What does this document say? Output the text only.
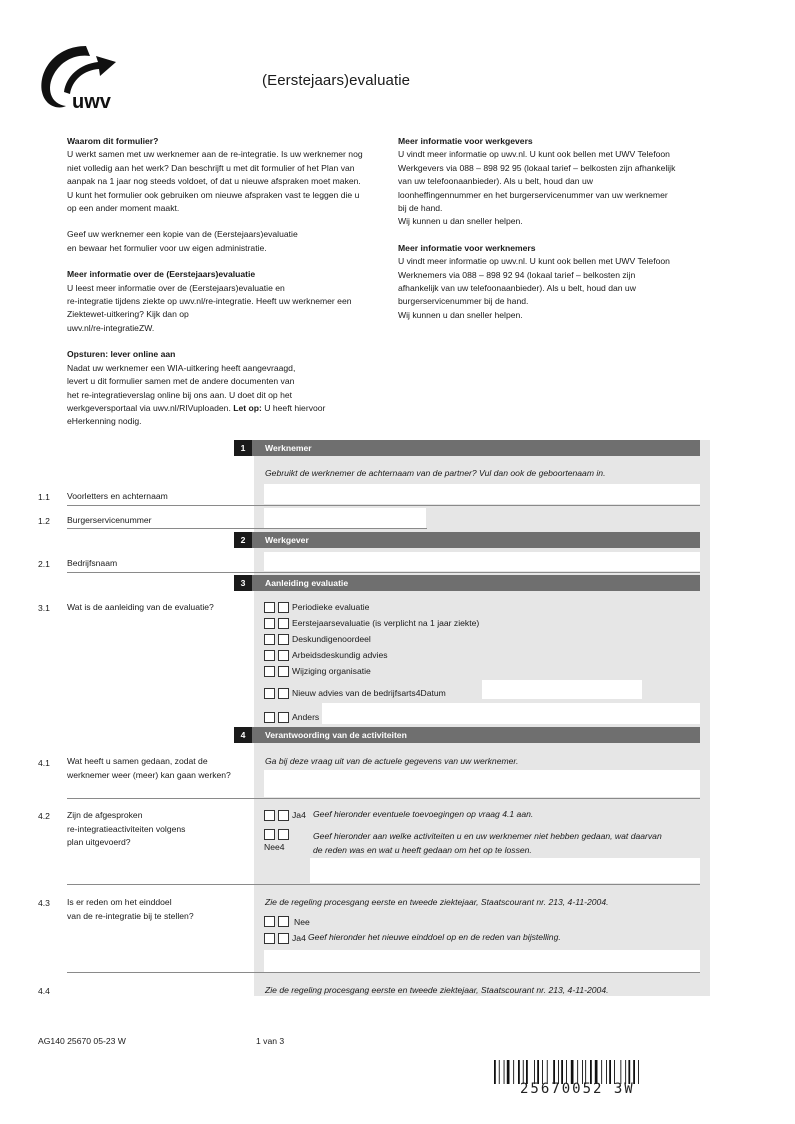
uwv
(Eerstejaars)evaluatie

Waarom dit formulier?
U werkt samen met uw werknemer aan de re-integratie. Is uw werknemer nog
niet volledig aan het werk? Dan beschrijft u met dit formulier of het Plan van
aanpak na 1 jaar nog steeds voldoet, of dat u nieuwe afspraken moet maken.
U kunt het formulier ook gebruiken om nieuwe afspraken vast te leggen die u
op een ander moment maakt.

Geef uw werknemer een kopie van de (Eerstejaars)evaluatie
en bewaar het formulier voor uw eigen administratie.

Meer informatie over de (Eerstejaars)evaluatie
U leest meer informatie over de (Eerstejaars)evaluatie en
re-integratie tijdens ziekte op uwv.nl/re-integratie. Heeft uw werknemer een
Ziektewet-uitkering? Kijk dan op
uwv.nl/re-integratieZW.

Opsturen: lever online aan
Nadat uw werknemer een WIA-uitkering heeft aangevraagd,
levert u dit formulier samen met de andere documenten van
het re-integratieverslag online bij ons aan. U doet dit op het
werkgeversportaal via uwv.nl/RIVuploaden. Let op: U heeft hiervoor
eHerkenning nodig.

Meer informatie voor werkgevers
U vindt meer informatie op uwv.nl. U kunt ook bellen met UWV Telefoon
Werkgevers via 088 – 898 92 95 (lokaal tarief – belkosten zijn afhankelijk
van uw telefoonaanbieder). Als u belt, houd dan uw
loonheffingennummer en het burgerservicenummer van uw werknemer
bij de hand.
Wij kunnen u dan sneller helpen.

Meer informatie voor werknemers
U vindt meer informatie op uwv.nl. U kunt ook bellen met UWV Telefoon
Werknemers via 088 – 898 92 94 (lokaal tarief – belkosten zijn
afhankelijk van uw telefoonaanbieder). Als u belt, houd dan uw
burgerservicenummer bij de hand.
Wij kunnen u dan sneller helpen.

1	Werknemer
Gebruikt de werknemer de achternaam van de partner? Vul dan ook de geboortenaam in.
1.1 Voorletters en achternaam
1.2 Burgerservicenummer
2	Werkgever
2.1 Bedrijfsnaam
3	Aanleiding evaluatie
3.1 Wat is de aanleiding van de evaluatie?	Periodieke evaluatie
Eerstejaarsevaluatie (is verplicht na 1 jaar ziekte)
Deskundigenoordeel
Arbeidsdeskundig advies
Wijziging organisatie
Nieuw advies van de bedrijfsarts4Datum
Anders
4	Verantwoording van de activiteiten
4.1 Wat heeft u samen gedaan, zodat de
werknemer weer (meer) kan gaan werken?
Ga bij deze vraag uit van de actuele gegevens van uw werknemer.
4.2 Zijn de afgesproken
re-integratieactiviteiten volgens
plan uitgevoerd?
Ja4 Geef hieronder eventuele toevoegingen op vraag 4.1 aan.
Nee4
Geef hieronder aan welke activiteiten u en uw werknemer niet hebben gedaan, wat daarvan
de reden was en wat u heeft gedaan om het op te lossen.
4.3 Is er reden om het einddoel
van de re-integratie bij te stellen?
Zie de regeling procesgang eerste en tweede ziektejaar, Staatscourant nr. 213, 4-11-2004.
Nee
Ja4 Geef hieronder het nieuwe einddoel op en de reden van bijstelling.
4.4	Zie de regeling procesgang eerste en tweede ziektejaar, Staatscourant nr. 213, 4-11-2004.
AG140 25670 05-23 W	1 van 3
25670052 3W
